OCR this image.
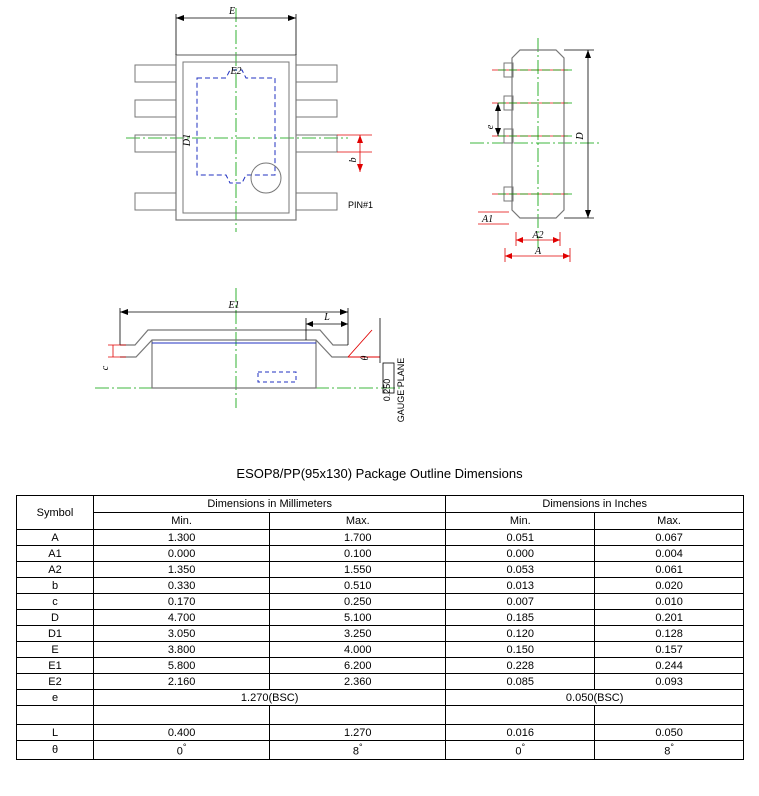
E
b
D1
E2
PIN#1
e
D
A1
A2
A
E1
L
c
θ
0.250 GAUGE PLANE
ESOP8/PP(95x130) Package Outline Dimensions
Symbol	Dimensions in Millimeters		Dimensions in Inches	
	Min.	Max.	Min.	Max.
A	1.300	1.700	0.051	0.067
A1	0.000	0.100	0.000	0.004
A2	1.350	1.550	0.053	0.061
b	0.330	0.510	0.013	0.020
c	0.170	0.250	0.007	0.010
D	4.700	5.100	0.185	0.201
D1	3.050	3.250	0.120	0.128
E	3.800	4.000	0.150	0.157
E1	5.800	6.200	0.228	0.244
E2	2.160	2.360	0.085	0.093
e	1.270(BSC)		0.050(BSC)	

L	0.400	1.270	0.016	0.050
θ	0°	8°	0°	8°
